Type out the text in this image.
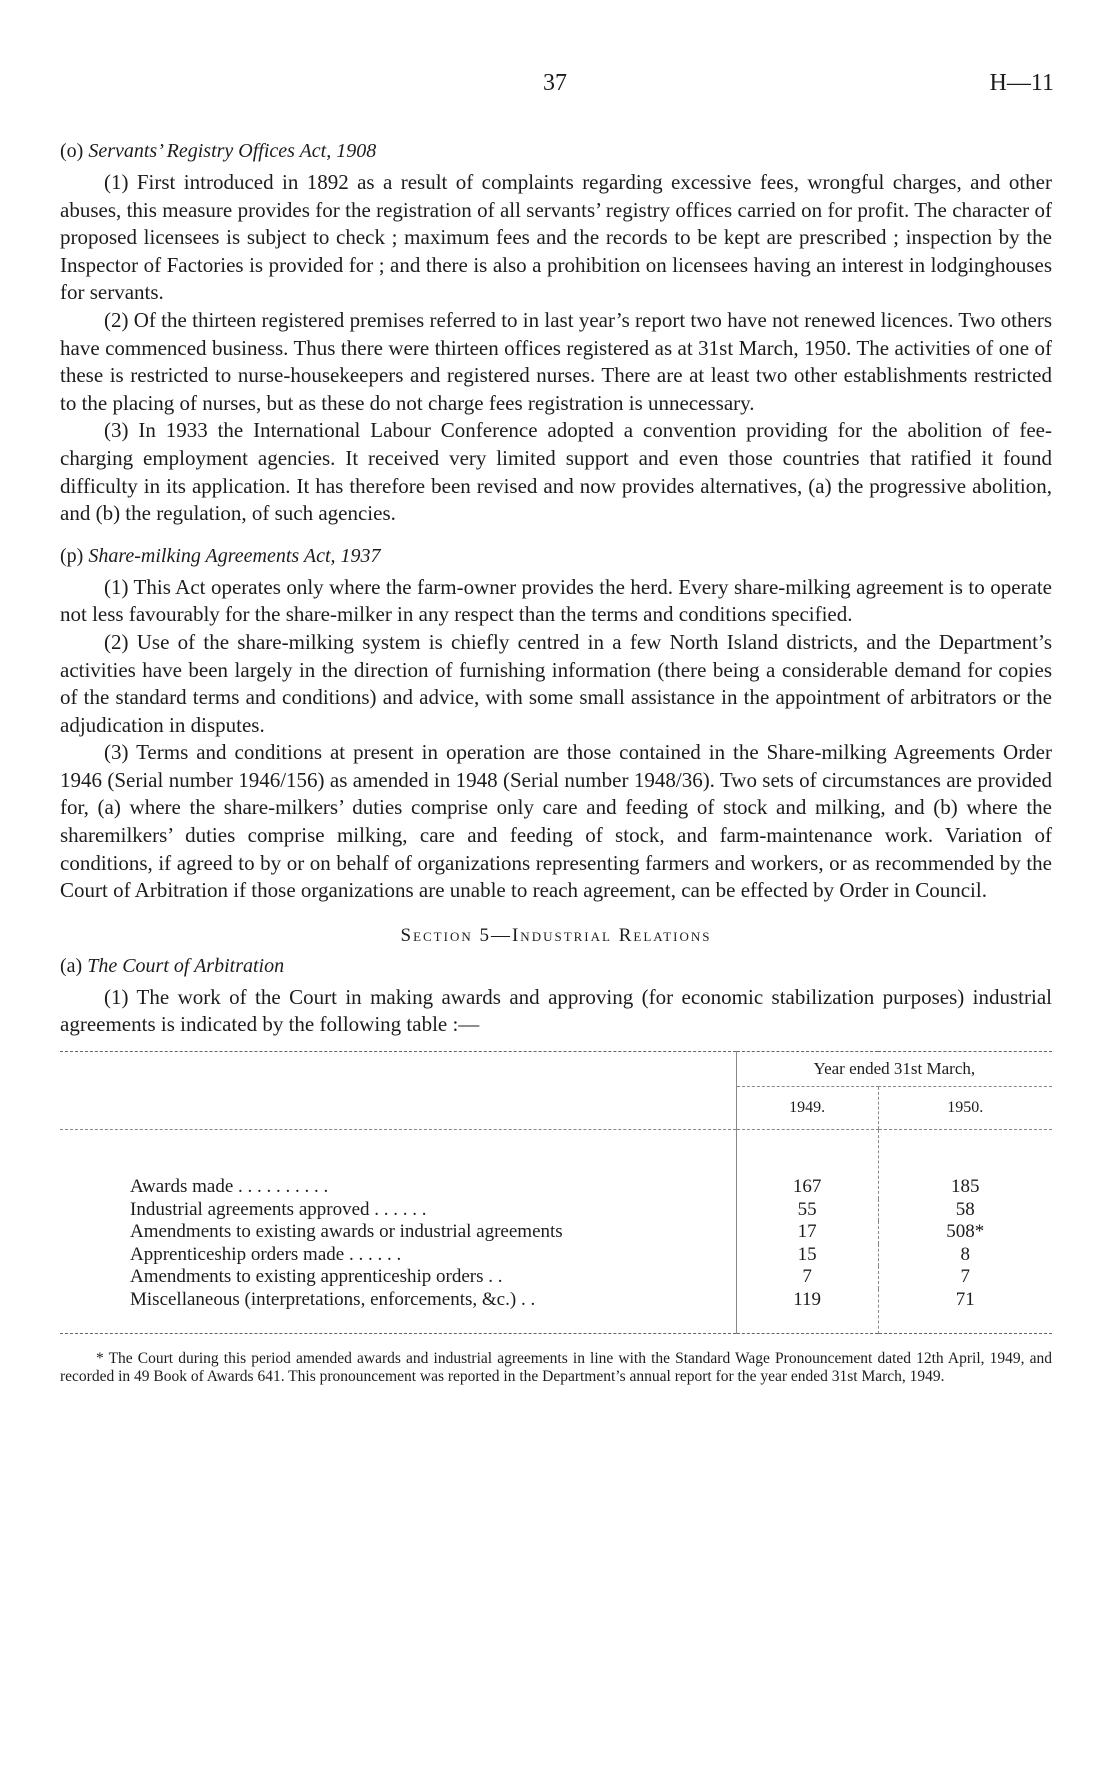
37	H—11
(o) Servants’ Registry Offices Act, 1908

(1) First introduced in 1892 as a result of complaints regarding excessive fees, wrongful charges, and other abuses, this measure provides for the registration of all servants’ registry offices carried on for profit. The character of proposed licensees is subject to check ; maximum fees and the records to be kept are prescribed ; inspection by the Inspector of Factories is provided for ; and there is also a prohibition on licensees having an interest in lodginghouses for servants.

(2) Of the thirteen registered premises referred to in last year’s report two have not renewed licences. Two others have commenced business. Thus there were thirteen offices registered as at 31st March, 1950. The activities of one of these is restricted to nurse-housekeepers and registered nurses. There are at least two other establishments restricted to the placing of nurses, but as these do not charge fees registration is unnecessary.

(3) In 1933 the International Labour Conference adopted a convention providing for the abolition of fee-charging employment agencies. It received very limited support and even those countries that ratified it found difficulty in its application. It has therefore been revised and now provides alternatives, (a) the progressive abolition, and (b) the regulation, of such agencies.

(p) Share-milking Agreements Act, 1937

(1) This Act operates only where the farm-owner provides the herd. Every share-milking agreement is to operate not less favourably for the share-milker in any respect than the terms and conditions specified.

(2) Use of the share-milking system is chiefly centred in a few North Island districts, and the Department’s activities have been largely in the direction of furnishing information (there being a considerable demand for copies of the standard terms and conditions) and advice, with some small assistance in the appointment of arbitrators or the adjudication in disputes.

(3) Terms and conditions at present in operation are those contained in the Share-milking Agreements Order 1946 (Serial number 1946/156) as amended in 1948 (Serial number 1948/36). Two sets of circumstances are provided for, (a) where the share-milkers’ duties comprise only care and feeding of stock and milking, and (b) where the sharemilkers’ duties comprise milking, care and feeding of stock, and farm-maintenance work. Variation of conditions, if agreed to by or on behalf of organizations representing farmers and workers, or as recommended by the Court of Arbitration if those organizations are unable to reach agreement, can be effected by Order in Council.

Section 5—Industrial Relations
(a) The Court of Arbitration

(1) The work of the Court in making awards and approving (for economic stabilization purposes) industrial agreements is indicated by the following table :—

	Year ended 31st March,	
	1949.	1950.
Awards made . . . . . . . . . .	167	185
Industrial agreements approved . . . . . .	55	58
Amendments to existing awards or industrial agreements	17	508*
Apprenticeship orders made . . . . . .	15	8
Amendments to existing apprenticeship orders . .	7	7
Miscellaneous (interpretations, enforcements, &c.) . .	119	71

* The Court during this period amended awards and industrial agreements in line with the Standard Wage Pronouncement dated 12th April, 1949, and recorded in 49 Book of Awards 641. This pronouncement was reported in the Department’s annual report for the year ended 31st March, 1949.
